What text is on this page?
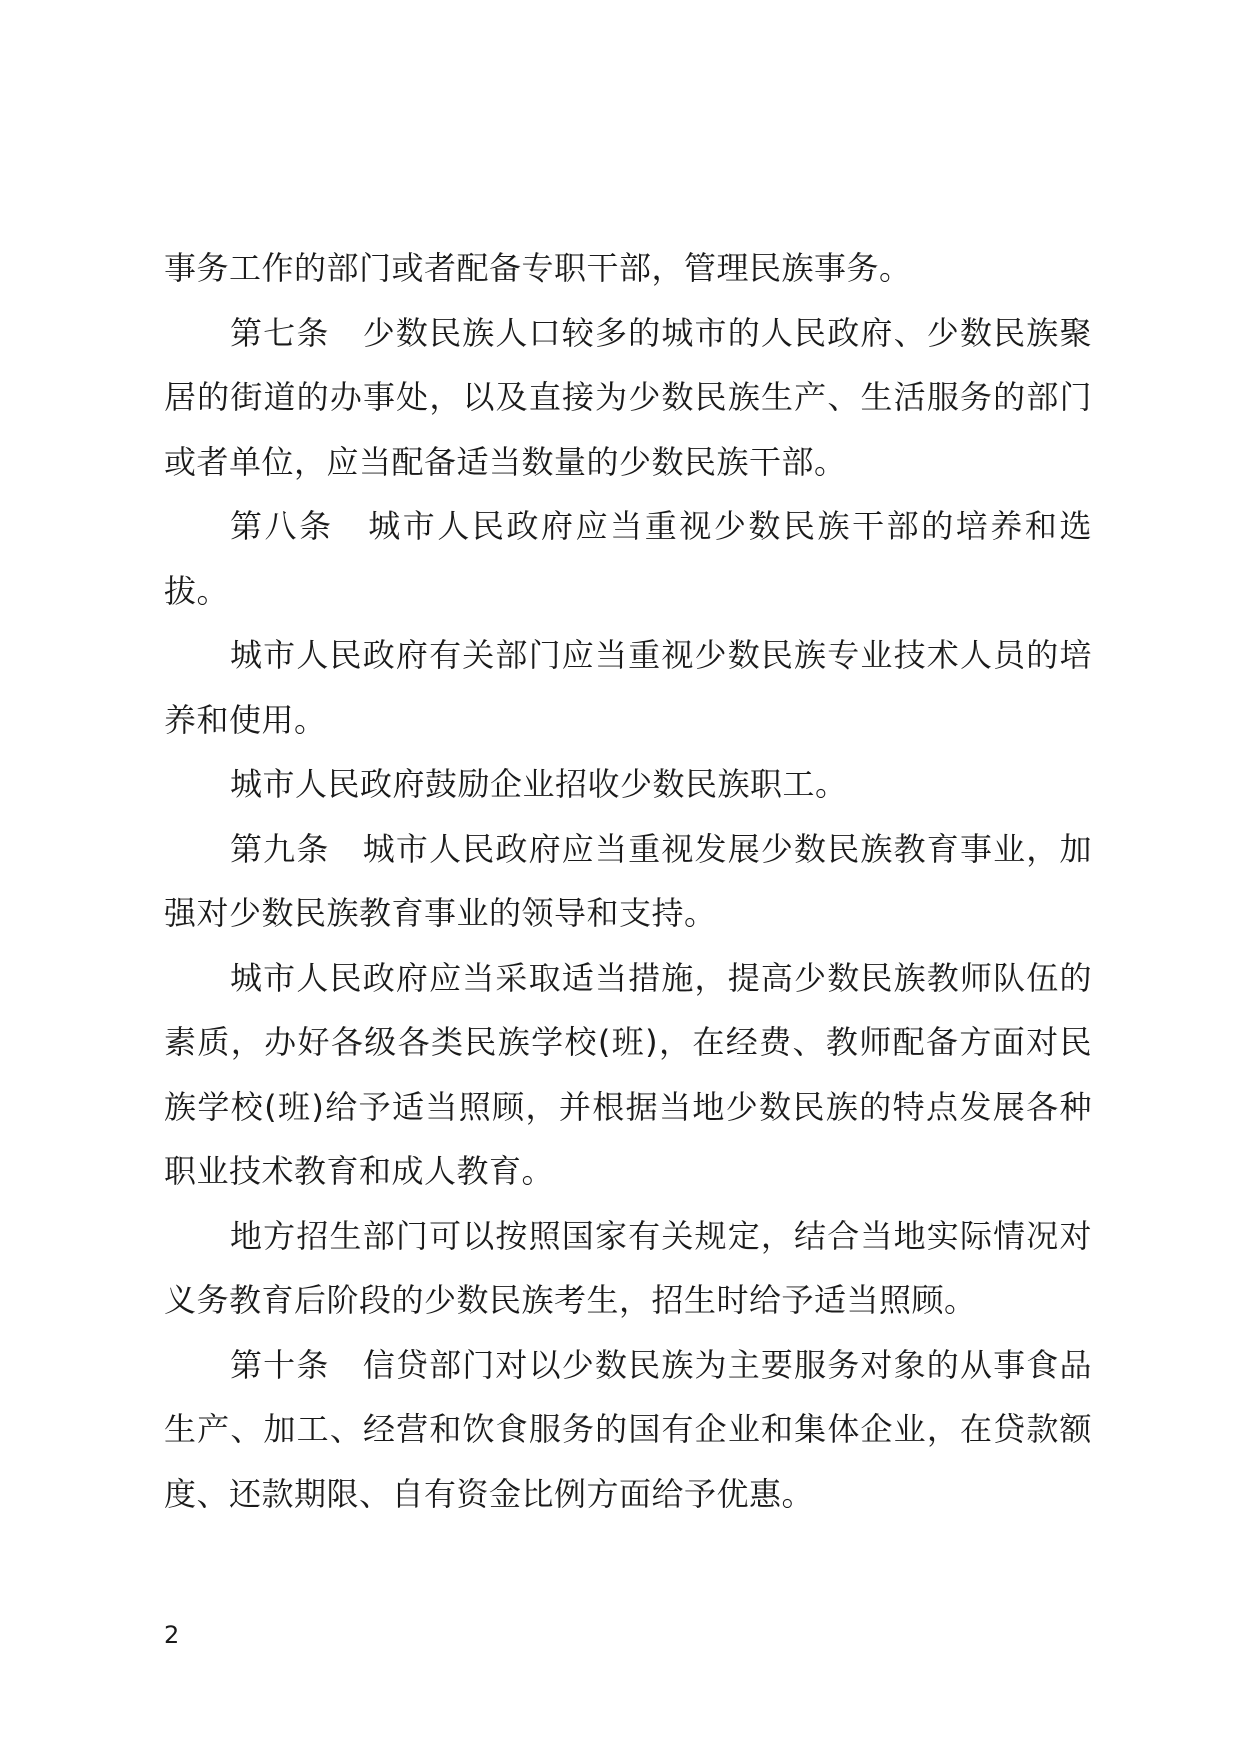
事务工作的部门或者配备专职干部，管理民族事务。

第七条　少数民族人口较多的城市的人民政府、少数民族聚居的街道的办事处，以及直接为少数民族生产、生活服务的部门或者单位，应当配备适当数量的少数民族干部。

第八条　城市人民政府应当重视少数民族干部的培养和选拔。

城市人民政府有关部门应当重视少数民族专业技术人员的培养和使用。

城市人民政府鼓励企业招收少数民族职工。

第九条　城市人民政府应当重视发展少数民族教育事业，加强对少数民族教育事业的领导和支持。

城市人民政府应当采取适当措施，提高少数民族教师队伍的素质，办好各级各类民族学校(班)，在经费、教师配备方面对民族学校(班)给予适当照顾，并根据当地少数民族的特点发展各种职业技术教育和成人教育。

地方招生部门可以按照国家有关规定，结合当地实际情况对义务教育后阶段的少数民族考生，招生时给予适当照顾。

第十条　信贷部门对以少数民族为主要服务对象的从事食品生产、加工、经营和饮食服务的国有企业和集体企业，在贷款额度、还款期限、自有资金比例方面给予优惠。

2
